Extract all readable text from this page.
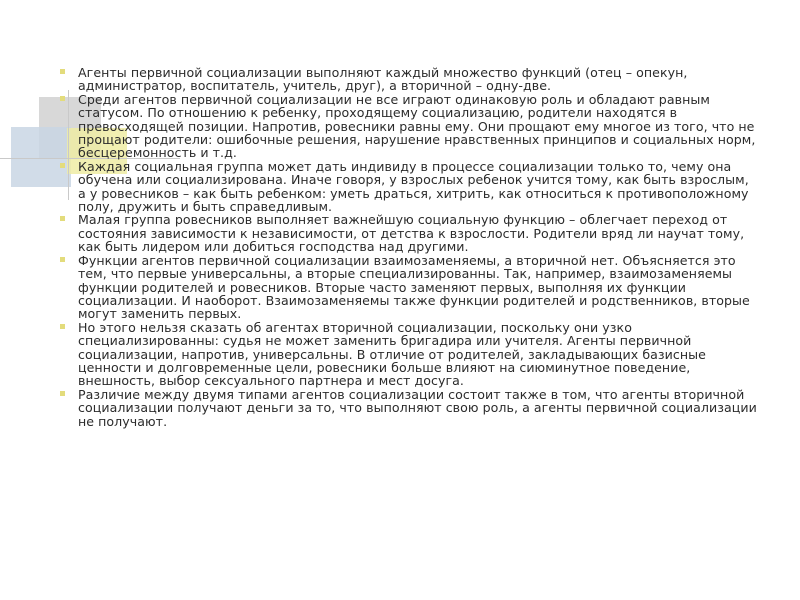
Агенты первичной социализации выполняют каждый множество функций (отец – опекун, администратор, воспитатель, учитель, друг), а вторичной – одну-две.
Среди агентов первичной социализации не все играют одинаковую роль и обладают равным статусом. По отношению к ребенку, проходящему социализацию, родители находятся в превосходящей позиции. Напротив, ровесники равны ему. Они прощают ему многое из того, что не прощают родители: ошибочные решения, нарушение нравственных принципов и социальных норм, бесцеремонность и т.д.
Каждая социальная группа может дать индивиду в процессе социализации только то, чему она обучена или социализирована. Иначе говоря, у взрослых ребенок учится тому, как быть взрослым, а у ровесников – как быть ребенком: уметь драться, хитрить, как относиться к противоположному полу, дружить и быть справедливым.
Малая группа ровесников выполняет важнейшую социальную функцию – облегчает переход от состояния зависимости к независимости, от детства к взрослости. Родители вряд ли научат тому, как быть лидером или добиться господства над другими.
Функции агентов первичной социализации взаимозаменяемы, а вторичной нет. Объясняется это тем, что первые универсальны, а вторые специализированны. Так, например, взаимозаменяемы функции родителей и ровесников. Вторые часто заменяют первых, выполняя их функции социализации. И наоборот. Взаимозаменяемы также функции родителей и родственников, вторые могут заменить первых.
Но этого нельзя сказать об агентах вторичной социализации, поскольку они узко специализированны: судья не может заменить бригадира или учителя. Агенты первичной социализации, напротив, универсальны. В отличие от родителей, закладывающих базисные ценности и долговременные цели, ровесники больше влияют на сиюминутное поведение, внешность, выбор сексуального партнера и мест досуга.
Различие между двумя типами агентов социализации состоит также в том, что агенты вторичной социализации получают деньги за то, что выполняют свою роль, а агенты первичной социализации не получают.
